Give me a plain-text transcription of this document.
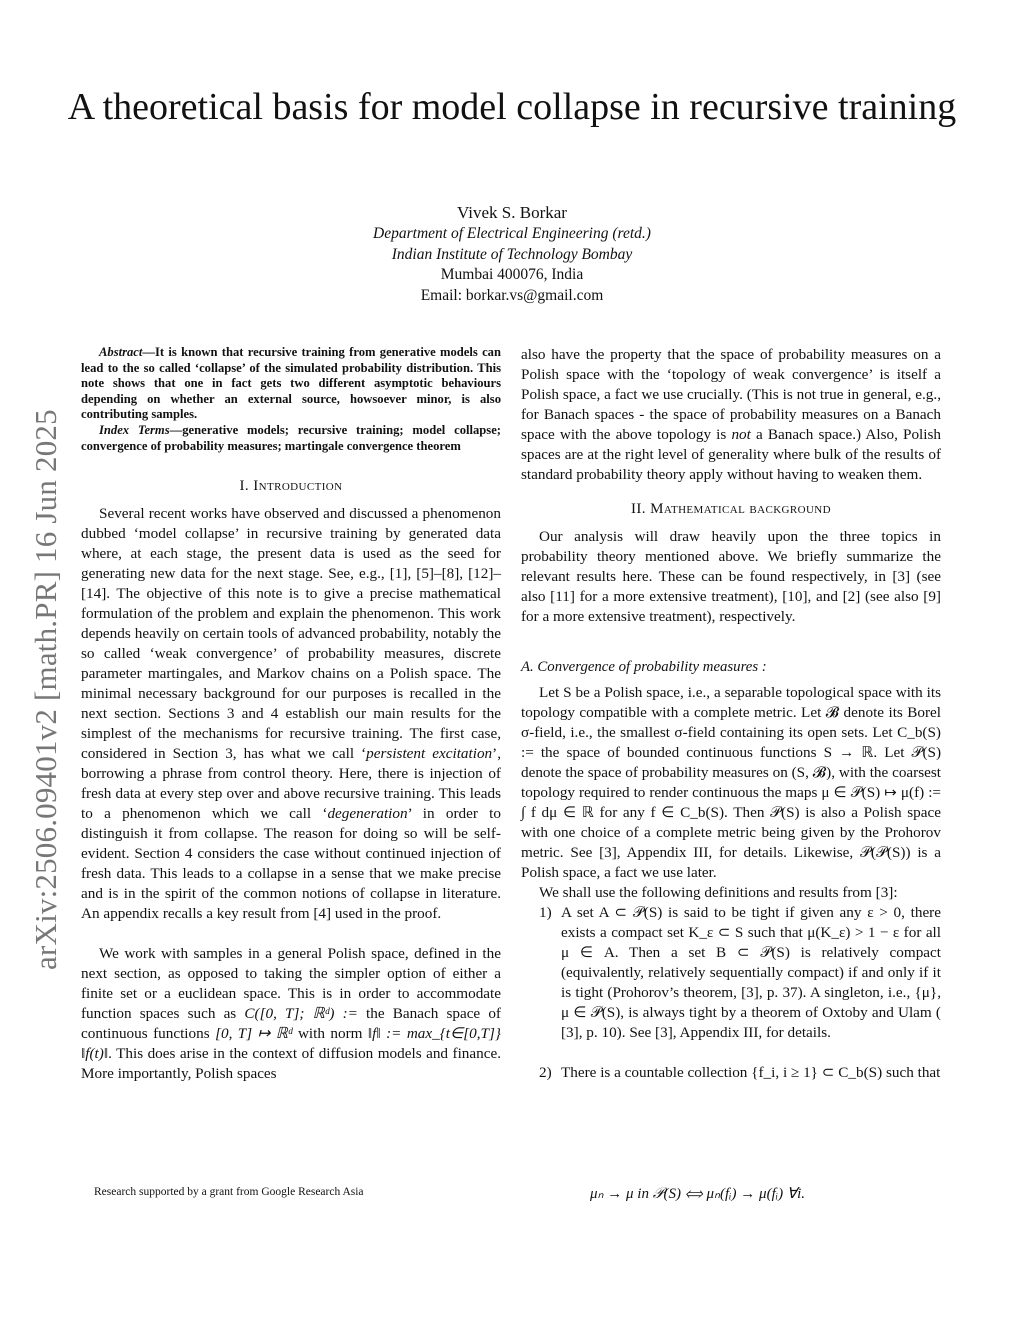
arXiv:2506.09401v2 [math.PR] 16 Jun 2025
A theoretical basis for model collapse in recursive training
Vivek S. Borkar
Department of Electrical Engineering (retd.)
Indian Institute of Technology Bombay
Mumbai 400076, India
Email: borkar.vs@gmail.com
Abstract—It is known that recursive training from generative models can lead to the so called ‘collapse’ of the simulated probability distribution. This note shows that one in fact gets two different asymptotic behaviours depending on whether an external source, howsoever minor, is also contributing samples.
Index Terms—generative models; recursive training; model collapse; convergence of probability measures; martingale convergence theorem
I. Introduction

Several recent works have observed and discussed a phenomenon dubbed ‘model collapse’ in recursive training by generated data where, at each stage, the present data is used as the seed for generating new data for the next stage. See, e.g., [1], [5]–[8], [12]–[14]. The objective of this note is to give a precise mathematical formulation of the problem and explain the phenomenon. This work depends heavily on certain tools of advanced probability, notably the so called ‘weak convergence’ of probability measures, discrete parameter martingales, and Markov chains on a Polish space. The minimal necessary background for our purposes is recalled in the next section. Sections 3 and 4 establish our main results for the simplest of the mechanisms for recursive training. The first case, considered in Section 3, has what we call ‘persistent excitation’, borrowing a phrase from control theory. Here, there is injection of fresh data at every step over and above recursive training. This leads to a phenomenon which we call ‘degeneration’ in order to distinguish it from collapse. The reason for doing so will be self-evident. Section 4 considers the case without continued injection of fresh data. This leads to a collapse in a sense that we make precise and is in the spirit of the common notions of collapse in literature. An appendix recalls a key result from [4] used in the proof.

We work with samples in a general Polish space, defined in the next section, as opposed to taking the simpler option of either a finite set or a euclidean space. This is in order to accommodate function spaces such as C([0, T]; ℝᵈ) := the Banach space of continuous functions [0, T] ↦ ℝᵈ with norm ‖f‖ := max_{t∈[0,T]} ‖f(t)‖. This does arise in the context of diffusion models and finance. More importantly, Polish spaces

also have the property that the space of probability measures on a Polish space with the ‘topology of weak convergence’ is itself a Polish space, a fact we use crucially. (This is not true in general, e.g., for Banach spaces - the space of probability measures on a Banach space with the above topology is not a Banach space.) Also, Polish spaces are at the right level of generality where bulk of the results of standard probability theory apply without having to weaken them.

II. Mathematical background

Our analysis will draw heavily upon the three topics in probability theory mentioned above. We briefly summarize the relevant results here. These can be found respectively, in [3] (see also [11] for a more extensive treatment), [10], and [2] (see also [9] for a more extensive treatment), respectively.

A. Convergence of probability measures :

Let S be a Polish space, i.e., a separable topological space with its topology compatible with a complete metric. Let 𝓑 denote its Borel σ-field, i.e., the smallest σ-field containing its open sets. Let C_b(S) := the space of bounded continuous functions S → ℝ. Let 𝒫(S) denote the space of probability measures on (S, 𝓑), with the coarsest topology required to render continuous the maps μ ∈ 𝒫(S) ↦ μ(f) := ∫ f dμ ∈ ℝ for any f ∈ C_b(S). Then 𝒫(S) is also a Polish space with one choice of a complete metric being given by the Prohorov metric. See [3], Appendix III, for details. Likewise, 𝒫(𝒫(S)) is a Polish space, a fact we use later.

We shall use the following definitions and results from [3]:

1) A set A ⊂ 𝒫(S) is said to be tight if given any ε > 0, there exists a compact set K_ε ⊂ S such that μ(K_ε) > 1 − ε for all μ ∈ A. Then a set B ⊂ 𝒫(S) is relatively compact (equivalently, relatively sequentially compact) if and only if it is tight (Prohorov’s theorem, [3], p. 37). A singleton, i.e., {μ}, μ ∈ 𝒫(S), is always tight by a theorem of Oxtoby and Ulam ( [3], p. 10). See [3], Appendix III, for details.
2) There is a countable collection {f_i, i ≥ 1} ⊂ C_b(S) such that
μₙ → μ in 𝒫(S) ⟺ μₙ(fᵢ) → μ(fᵢ) ∀i.
Research supported by a grant from Google Research Asia
